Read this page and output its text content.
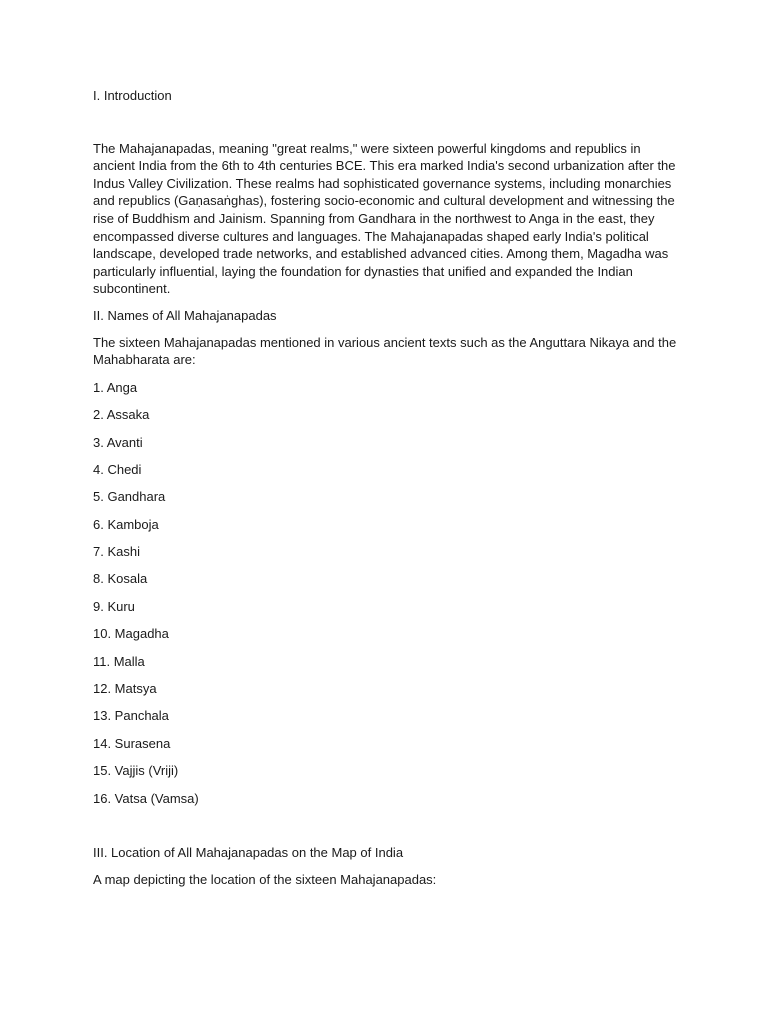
I. Introduction

The Mahajanapadas, meaning "great realms," were sixteen powerful kingdoms and republics in ancient India from the 6th to 4th centuries BCE. This era marked India's second urbanization after the Indus Valley Civilization. These realms had sophisticated governance systems, including monarchies and republics (Gaṇasaṅghas), fostering socio-economic and cultural development and witnessing the rise of Buddhism and Jainism. Spanning from Gandhara in the northwest to Anga in the east, they encompassed diverse cultures and languages. The Mahajanapadas shaped early India's political landscape, developed trade networks, and established advanced cities. Among them, Magadha was particularly influential, laying the foundation for dynasties that unified and expanded the Indian subcontinent.

II. Names of All Mahajanapadas

The sixteen Mahajanapadas mentioned in various ancient texts such as the Anguttara Nikaya and the Mahabharata are:

1. Anga
2. Assaka
3. Avanti
4. Chedi
5. Gandhara
6. Kamboja
7. Kashi
8. Kosala
9. Kuru
10. Magadha
11. Malla
12. Matsya
13. Panchala
14. Surasena
15. Vajjis (Vriji)
16. Vatsa (Vamsa)
III. Location of All Mahajanapadas on the Map of India

A map depicting the location of the sixteen Mahajanapadas:
